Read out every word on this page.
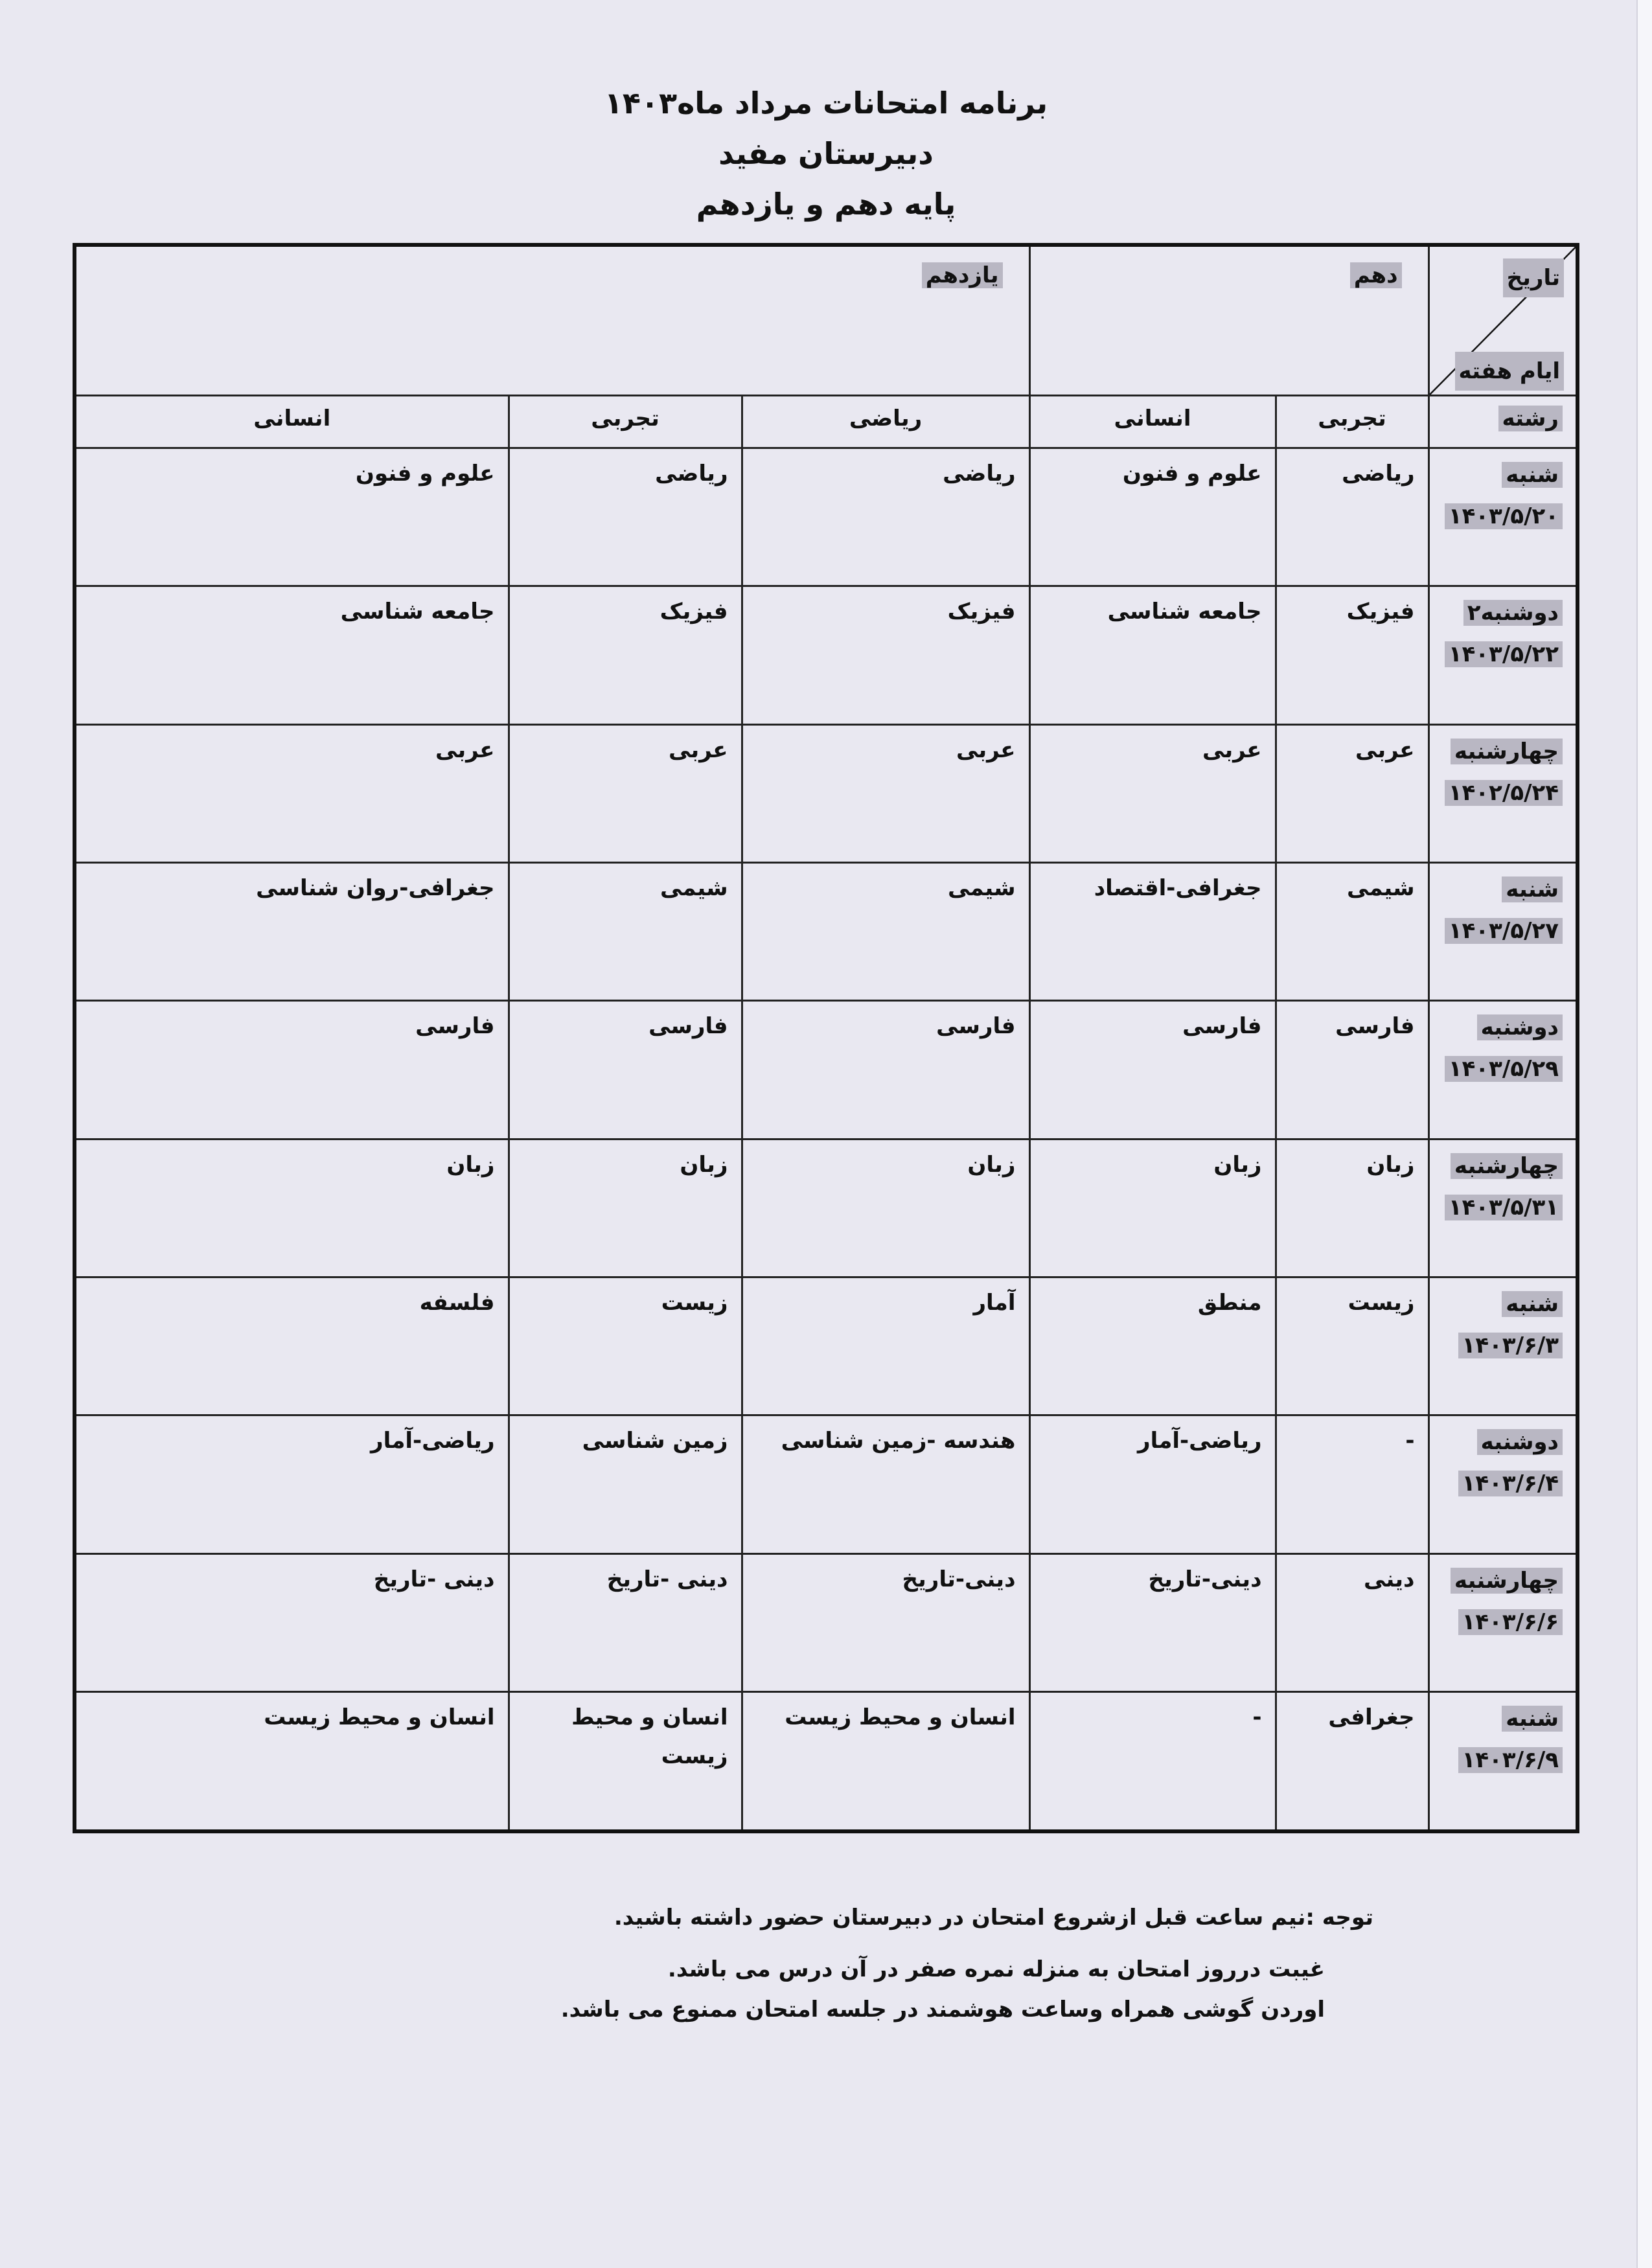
برنامه امتحانات مرداد ماه۱۴۰۳
دبیرستان مفید
پایه دهم و یازدهم
تاریخ
ایام هفته	دهم		یازدهم		
رشته	تجربی	انسانی	ریاضی	تجربی	انسانی

شنبه
۱۴۰۳/۵/۲۰	ریاضی	علوم و فنون	ریاضی	ریاضی	علوم و فنون

دوشنبه۲
۱۴۰۳/۵/۲۲	فیزیک	جامعه شناسی	فیزیک	فیزیک	جامعه شناسی

چهارشنبه
۱۴۰۲/۵/۲۴	عربی	عربی	عربی	عربی	عربی

شنبه
۱۴۰۳/۵/۲۷	شیمی	جغرافی-اقتصاد	شیمی	شیمی	جغرافی-روان شناسی

دوشنبه
۱۴۰۳/۵/۲۹	فارسی	فارسی	فارسی	فارسی	فارسی

چهارشنبه
۱۴۰۳/۵/۳۱	زبان	زبان	زبان	زبان	زبان

شنبه
۱۴۰۳/۶/۳	زیست	منطق	آمار	زیست	فلسفه

دوشنبه
۱۴۰۳/۶/۴	-	ریاضی-آمار	هندسه -زمین شناسی	زمین شناسی	ریاضی-آمار

چهارشنبه
۱۴۰۳/۶/۶	دینی	دینی-تاریخ	دینی-تاریخ	دینی -تاریخ	دینی -تاریخ

شنبه
۱۴۰۳/۶/۹	جغرافی	-	انسان و محیط زیست	انسان و محیط زیست	انسان و محیط زیست
توجه :نیم ساعت قبل ازشروع امتحان در دبیرستان حضور داشته باشید.
غیبت درروز امتحان به منزله نمره صفر در آن درس می باشد.
اوردن گوشی همراه وساعت هوشمند در جلسه امتحان ممنوع می باشد.
